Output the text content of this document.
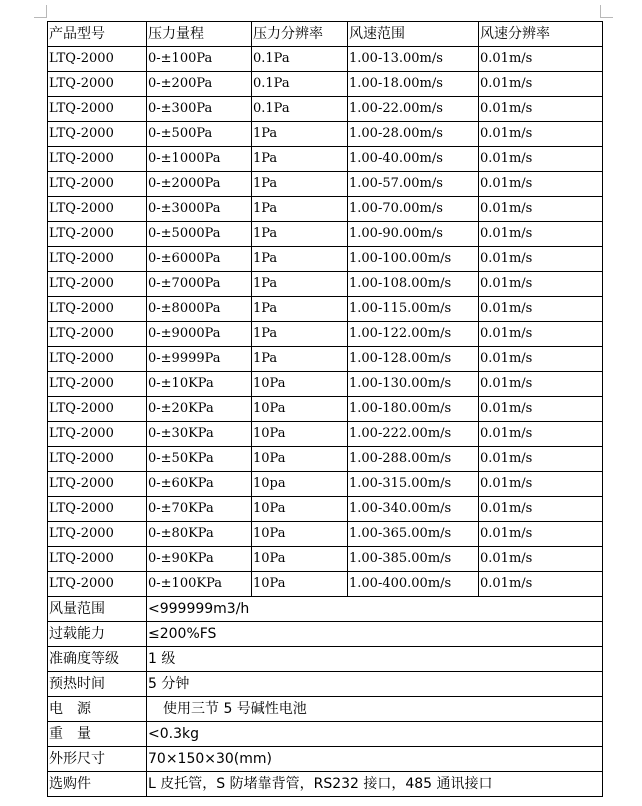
产品型号	压力量程	压力分辨率	风速范围	风速分辨率
LTQ-2000	0-±100Pa	0.1Pa	1.00-13.00m/s	0.01m/s
LTQ-2000	0-±200Pa	0.1Pa	1.00-18.00m/s	0.01m/s
LTQ-2000	0-±300Pa	0.1Pa	1.00-22.00m/s	0.01m/s
LTQ-2000	0-±500Pa	1Pa	1.00-28.00m/s	0.01m/s
LTQ-2000	0-±1000Pa	1Pa	1.00-40.00m/s	0.01m/s
LTQ-2000	0-±2000Pa	1Pa	1.00-57.00m/s	0.01m/s
LTQ-2000	0-±3000Pa	1Pa	1.00-70.00m/s	0.01m/s
LTQ-2000	0-±5000Pa	1Pa	1.00-90.00m/s	0.01m/s
LTQ-2000	0-±6000Pa	1Pa	1.00-100.00m/s	0.01m/s
LTQ-2000	0-±7000Pa	1Pa	1.00-108.00m/s	0.01m/s
LTQ-2000	0-±8000Pa	1Pa	1.00-115.00m/s	0.01m/s
LTQ-2000	0-±9000Pa	1Pa	1.00-122.00m/s	0.01m/s
LTQ-2000	0-±9999Pa	1Pa	1.00-128.00m/s	0.01m/s
LTQ-2000	0-±10KPa	10Pa	1.00-130.00m/s	0.01m/s
LTQ-2000	0-±20KPa	10Pa	1.00-180.00m/s	0.01m/s
LTQ-2000	0-±30KPa	10Pa	1.00-222.00m/s	0.01m/s
LTQ-2000	0-±50KPa	10Pa	1.00-288.00m/s	0.01m/s
LTQ-2000	0-±60KPa	10pa	1.00-315.00m/s	0.01m/s
LTQ-2000	0-±70KPa	10Pa	1.00-340.00m/s	0.01m/s
LTQ-2000	0-±80KPa	10Pa	1.00-365.00m/s	0.01m/s
LTQ-2000	0-±90KPa	10Pa	1.00-385.00m/s	0.01m/s
LTQ-2000	0-±100KPa	10Pa	1.00-400.00m/s	0.01m/s
风量范围	<999999m3/h			
过载能力	≤200%FS			
准确度等级	1 级			
预热时间	5 分钟			
电　源	使用三节 5 号碱性电池			
重　量	<0.3kg			
外形尺寸	70×150×30(mm)			
选购件	L 皮托管，S 防堵靠背管，RS232 接口，485 通讯接口			
